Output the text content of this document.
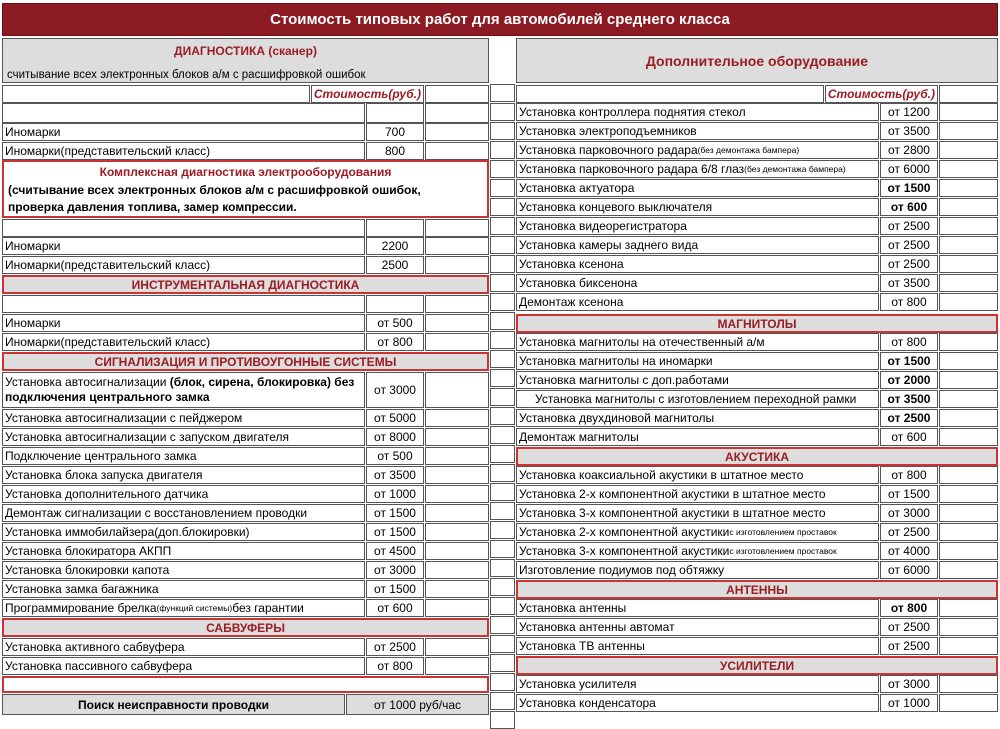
Стоимость типовых работ для автомобилей среднего класса
ДИАГНОСТИКА (сканер)
считывание всех электронных блоков а/м с расшифровкой ошибок
Стоимость(руб.)
Иномарки	700
Иномарки(представительский класс)	800
Комплексная диагностика электрооборудования
(считывание всех электронных блоков а/м с расшифровкой ошибок, проверка давления топлива, замер компрессии.
Иномарки	2200
Иномарки(представительский класс)	2500
ИНСТРУМЕНТАЛЬНАЯ ДИАГНОСТИКА
Иномарки	от 500
Иномарки(представительский класс)	от 800
СИГНАЛИЗАЦИЯ И ПРОТИВОУГОННЫЕ СИСТЕМЫ
Установка автосигнализации (блок, сирена, блокировка) без подключения центрального замка	от 3000
Установка автосигнализации с пейджером	от 5000
Установка автосигнализации с запуском двигателя	от 8000
Подключение центрального замка	от 500
Установка блока запуска двигателя	от 3500
Установка дополнительного датчика	от 1000
Демонтаж сигнализации с восстановлением проводки	от 1500
Установка иммобилайзера(доп.блокировки)	от 1500
Установка блокиратора АКПП	от 4500
Установка блокировки капота	от 3000
Установка замка багажника	от 1500
Программирование брелка (функций системы) без гарантии	от 600
САБВУФЕРЫ
Установка активного сабвуфера	от 2500
Установка пассивного сабвуфера	от 800
Поиск неисправности проводки	от 1000 руб/час
Дополнительное оборудование
Стоимость(руб.)
Установка контроллера поднятия стекол	от 1200
Установка электроподъемников	от 3500
Установка парковочного радара (без демонтажа бампера)	от 2800
Установка парковочного радара 6/8 глаз (без демонтажа бампера)	от 6000
Установка актуатора	от 1500
Установка концевого выключателя	от 600
Установка видеорегистратора	от 2500
Установка камеры заднего вида	от 2500
Установка ксенона	от 2500
Установка биксенона	от 3500
Демонтаж ксенона	от 800
МАГНИТОЛЫ
Установка магнитолы на отечественный а/м	от 800
Установка магнитолы на иномарки	от 1500
Установка магнитолы с доп.работами	от 2000
Установка магнитолы с изготовлением переходной рамки	от 3500
Установка двухдиновой магнитолы	от 2500
Демонтаж магнитолы	от 600
АКУСТИКА
Установка коаксиальной акустики в штатное место	от 800
Установка 2-х компонентной акустики в штатное место	от 1500
Установка 3-х компонентной акустики в штатное место	от 3000
Установка 2-х компонентной акустики с изготовлением проставок	от 2500
Установка 3-х компонентной акустики с изготовлением проставок	от 4000
Изготовление подиумов под обтяжку	от 6000
АНТЕННЫ
Установка антенны	от 800
Установка антенны автомат	от 2500
Установка ТВ антенны	от 2500
УСИЛИТЕЛИ
Установка усилителя	от 3000
Установка конденсатора	от 1000
